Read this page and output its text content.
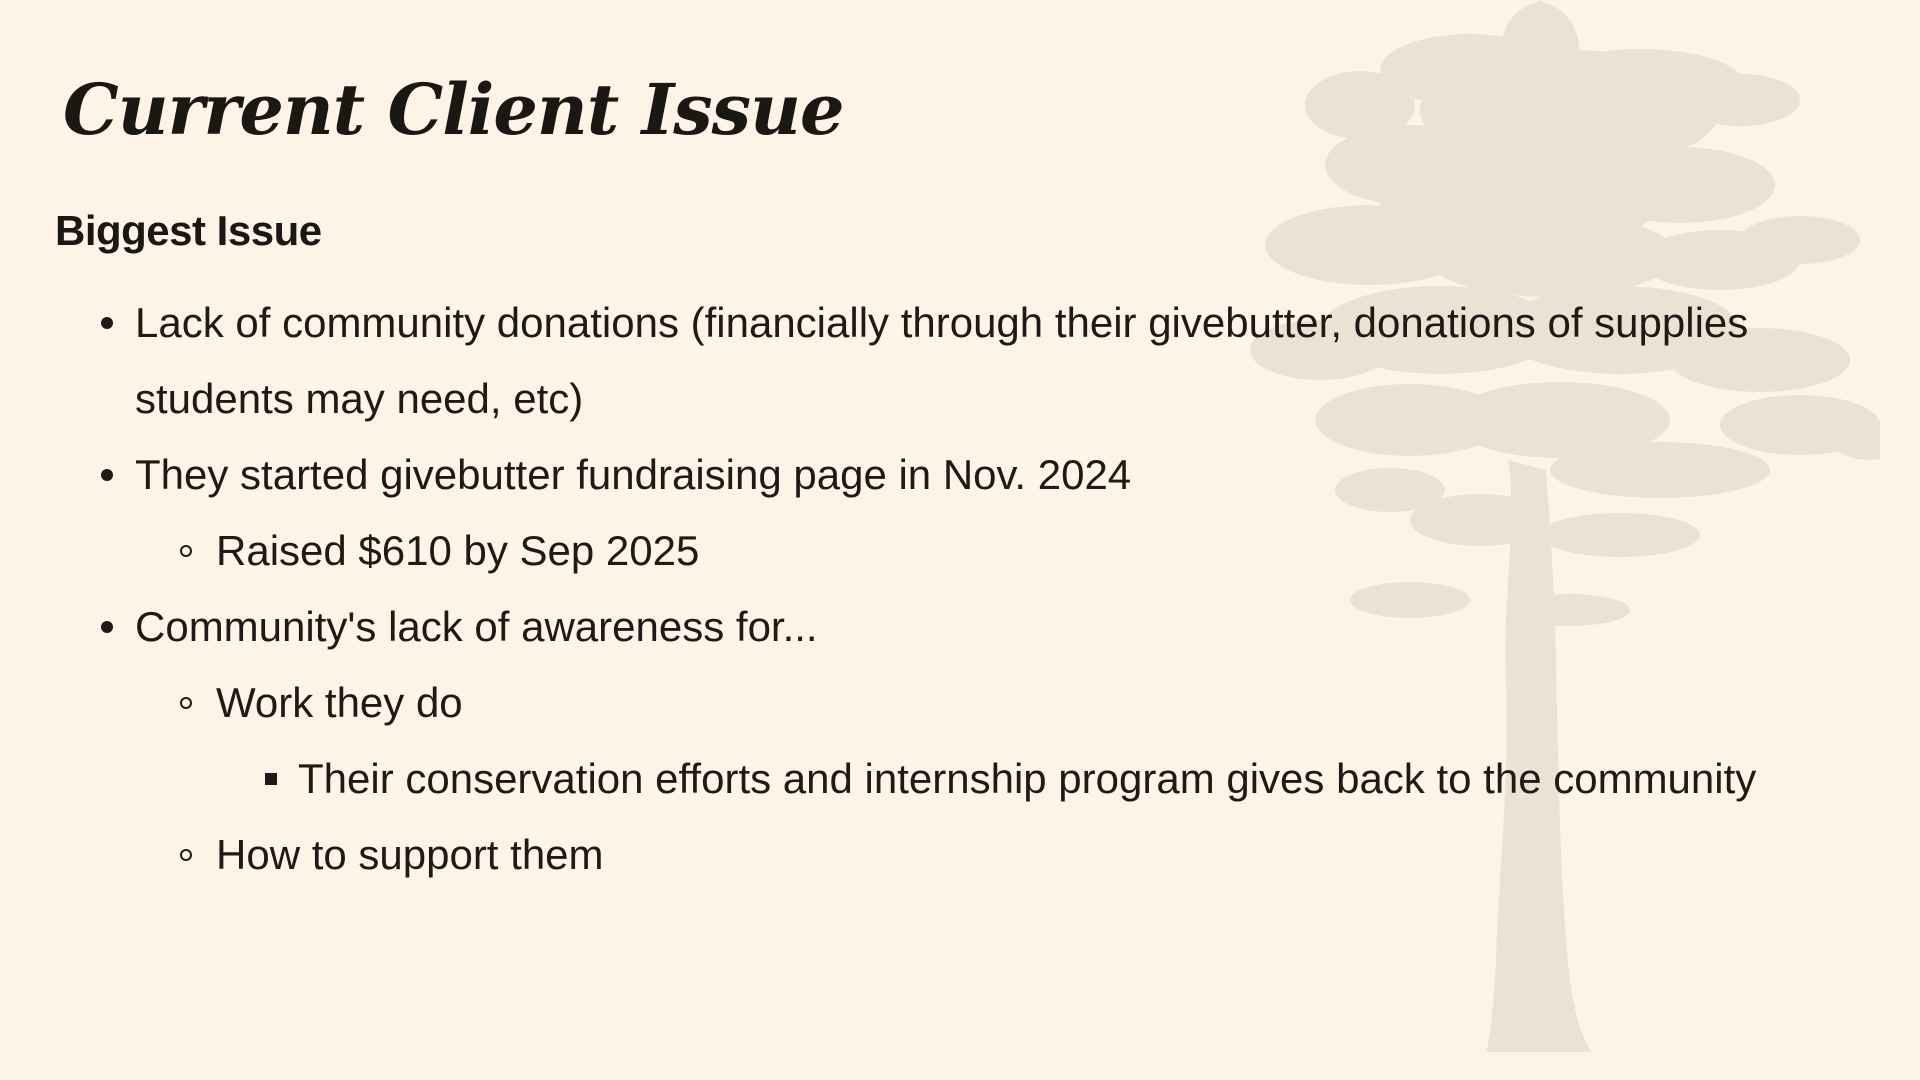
Current Client Issue
Biggest Issue
Lack of community donations (financially through their givebutter, donations of supplies students may need, etc)
They started givebutter fundraising page in Nov. 2024
Raised $610 by Sep 2025
Community's lack of awareness for...
Work they do
Their conservation efforts and internship program gives back to the community
How to support them
